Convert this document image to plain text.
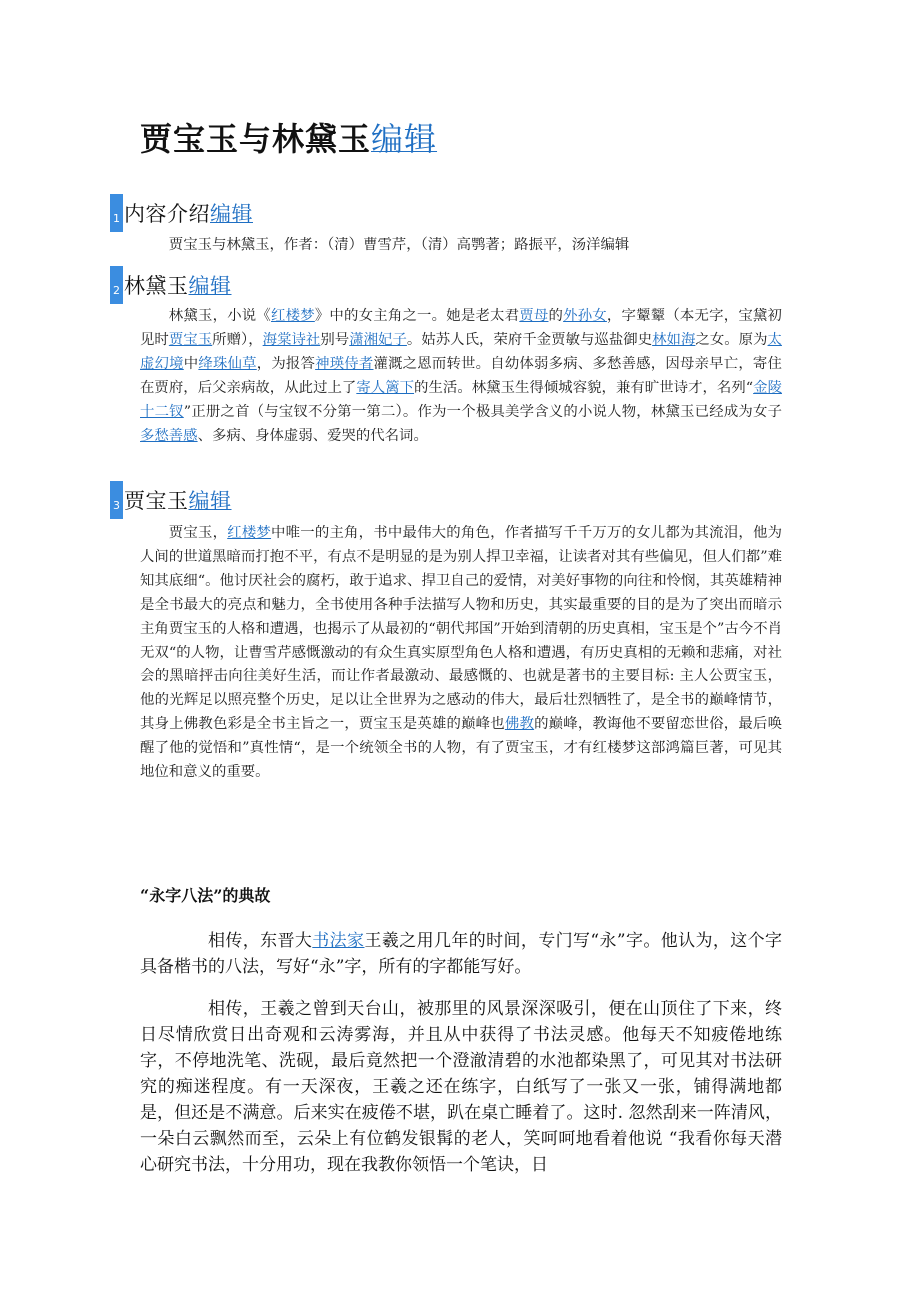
贾宝玉与林黛玉编辑
1 内容介绍编辑

贾宝玉与林黛玉，作者：（清）曹雪芹，（清）高鹗著；路振平，汤洋编辑

2 林黛玉编辑

林黛玉，小说《红楼梦》中的女主角之一。她是老太君贾母的外孙女，字颦颦（本无字，宝黛初见时贾宝玉所赠），海棠诗社别号潇湘妃子。姑苏人氏，荣府千金贾敏与巡盐御史林如海之女。原为太虚幻境中绛珠仙草，为报答神瑛侍者灌溉之恩而转世。自幼体弱多病、多愁善感，因母亲早亡，寄住在贾府，后父亲病故，从此过上了寄人篱下的生活。林黛玉生得倾城容貌，兼有旷世诗才，名列“金陵十二钗”正册之首（与宝钗不分第一第二）。作为一个极具美学含义的小说人物，林黛玉已经成为女子多愁善感、多病、身体虚弱、爱哭的代名词。

3 贾宝玉编辑

贾宝玉，红楼梦中唯一的主角，书中最伟大的角色，作者描写千千万万的女儿都为其流泪，他为人间的世道黑暗而打抱不平，有点不是明显的是为别人捍卫幸福，让读者对其有些偏见，但人们都”难知其底细“。他讨厌社会的腐朽，敢于追求、捍卫自己的爱情，对美好事物的向往和怜悯，其英雄精神是全书最大的亮点和魅力，全书使用各种手法描写人物和历史，其实最重要的目的是为了突出而暗示主角贾宝玉的人格和遭遇，也揭示了从最初的“朝代邦国”开始到清朝的历史真相，宝玉是个”古今不肖无双“的人物，让曹雪芹感慨激动的有众生真实原型角色人格和遭遇，有历史真相的无赖和悲痛，对社会的黑暗抨击向往美好生活，而让作者最激动、最感慨的、也就是著书的主要目标: 主人公贾宝玉，他的光辉足以照亮整个历史，足以让全世界为之感动的伟大，最后壮烈牺牲了，是全书的巅峰情节，其身上佛教色彩是全书主旨之一，贾宝玉是英雄的巅峰也佛教的巅峰，教诲他不要留恋世俗，最后唤醒了他的觉悟和”真性情“，是一个统领全书的人物，有了贾宝玉，才有红楼梦这部鸿篇巨著，可见其地位和意义的重要。

“永字八法”的典故

相传，东晋大书法家王羲之用几年的时间，专门写“永”字。他认为，这个字具备楷书的八法，写好“永”字，所有的字都能写好。

相传，王羲之曾到天台山，被那里的风景深深吸引，便在山顶住了下来，终日尽情欣赏日出奇观和云涛雾海，并且从中获得了书法灵感。他每天不知疲倦地练字，不停地洗笔、洗砚，最后竟然把一个澄澈清碧的水池都染黑了，可见其对书法研究的痴迷程度。有一天深夜，王羲之还在练字，白纸写了一张又一张，铺得满地都是，但还是不满意。后来实在疲倦不堪，趴在桌亡睡着了。这时. 忽然刮来一阵清风，一朵白云飘然而至，云朵上有位鹤发银髯的老人，笑呵呵地看着他说 “我看你每天潜心研究书法，十分用功，现在我教你领悟一个笔诀，日
